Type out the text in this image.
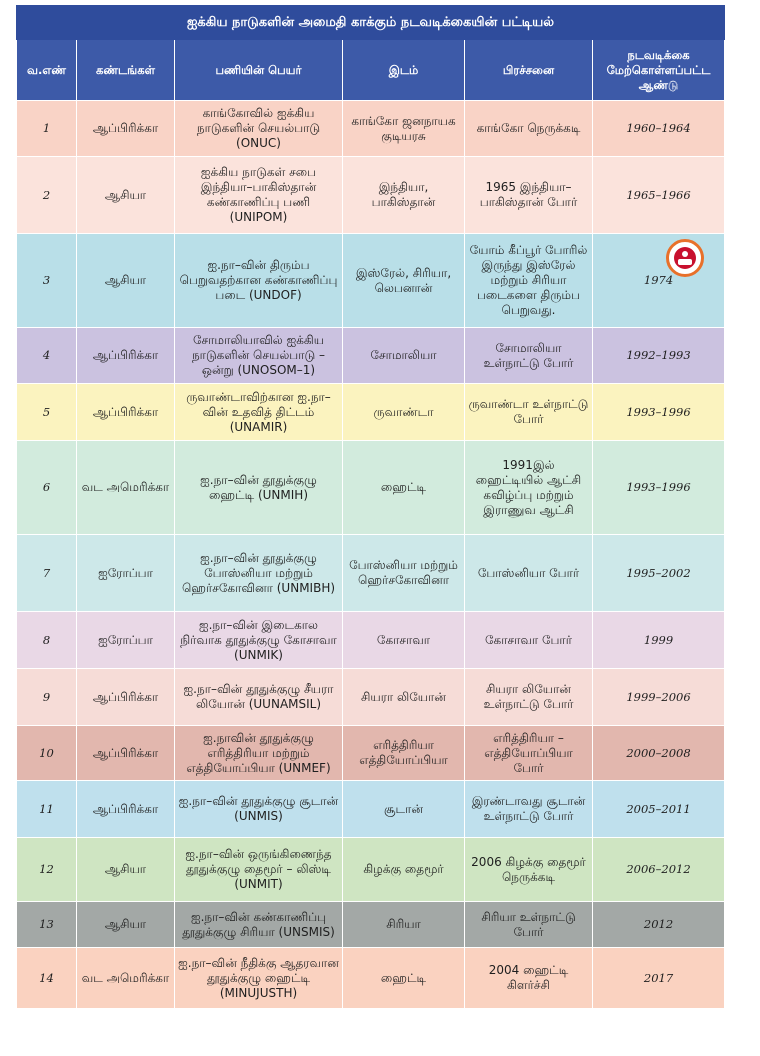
ஐக்கிய நாடுகளின் அமைதி காக்கும் நடவடிக்கையின் பட்டியல்					
வ.எண்	கண்டங்கள்	பணியின் பெயர்	இடம்	பிரச்சனை	நடவடிக்கை மேற்கொள்ளப்பட்ட ஆண்டு
1	ஆப்பிரிக்கா	காங்கோவில் ஐக்கிய நாடுகளின் செயல்பாடு (ONUC)	காங்கோ ஜனநாயக குடியரசு	காங்கோ நெருக்கடி	1960–1964
2	ஆசியா	ஐக்கிய நாடுகள் சபை இந்தியா–பாகிஸ்தான் கண்காணிப்பு பணி (UNIPOM)	இந்தியா, பாகிஸ்தான்	1965 இந்தியா–பாகிஸ்தான் போர்	1965–1966
3	ஆசியா	ஐ.நா–வின் திரும்ப பெறுவதற்கான கண்காணிப்பு படை (UNDOF)	இஸ்ரேல், சிரியா, லெபனான்	யோம் கீப்பூர் போரில் இருந்து இஸ்ரேல் மற்றும் சிரியா படைகளை திரும்ப பெறுவது.	1974
4	ஆப்பிரிக்கா	சோமாலியாவில் ஐக்கிய நாடுகளின் செயல்பாடு – ஒன்று (UNOSOM–1)	சோமாலியா	சோமாலியா உள்நாட்டு போர்	1992–1993
5	ஆப்பிரிக்கா	ருவாண்டாவிற்கான ஐ.நா–வின் உதவித் திட்டம் (UNAMIR)	ருவாண்டா	ருவாண்டா உள்நாட்டு போர்	1993–1996
6	வட அமெரிக்கா	ஐ.நா–வின் தூதுக்குழு ஹைட்டி (UNMIH)	ஹைட்டி	1991இல் ஹைட்டியில் ஆட்சி கவிழ்ப்பு மற்றும் இராணுவ ஆட்சி	1993–1996
7	ஐரோப்பா	ஐ.நா–வின் தூதுக்குழு போஸ்னியா மற்றும் ஹெர்சகோவினா (UNMIBH)	போஸ்னியா மற்றும் ஹெர்சகோவினா	போஸ்னியா போர்	1995–2002
8	ஐரோப்பா	ஐ.நா–வின் இடைகால நிர்வாக தூதுக்குழு கோசாவா (UNMIK)	கோசாவா	கோசாவா போர்	1999
9	ஆப்பிரிக்கா	ஐ.நா–வின் தூதுக்குழு சீயரா லியோன் (UUNAMSIL)	சியரா லியோன்	சியரா லியோன் உள்நாட்டு போர்	1999–2006
10	ஆப்பிரிக்கா	ஐ.நாவின் தூதுக்குழு எரித்திரியா மற்றும் எத்தியோப்பியா (UNMEF)	எரித்திரியா எத்தியோப்பியா	எரித்திரியா – எத்தியோப்பியா போர்	2000–2008
11	ஆப்பிரிக்கா	ஐ.நா–வின் தூதுக்குழு சூடான் (UNMIS)	சூடான்	இரண்டாவது சூடான் உள்நாட்டு போர்	2005–2011
12	ஆசியா	ஐ.நா–வின் ஒருங்கிணைந்த தூதுக்குழு தைமூர் – லிஸ்டி (UNMIT)	கிழக்கு தைமூர்	2006 கிழக்கு தைமூர் நெருக்கடி	2006–2012
13	ஆசியா	ஐ.நா–வின் கண்காணிப்பு தூதுக்குழு சிரியா (UNSMIS)	சிரியா	சிரியா உள்நாட்டு போர்	2012
14	வட அமெரிக்கா	ஐ.நா–வின் நீதிக்கு ஆதரவான தூதுக்குழு ஹைட்டி (MINUJUSTH)	ஹைட்டி	2004 ஹைட்டி கிளர்ச்சி	2017
